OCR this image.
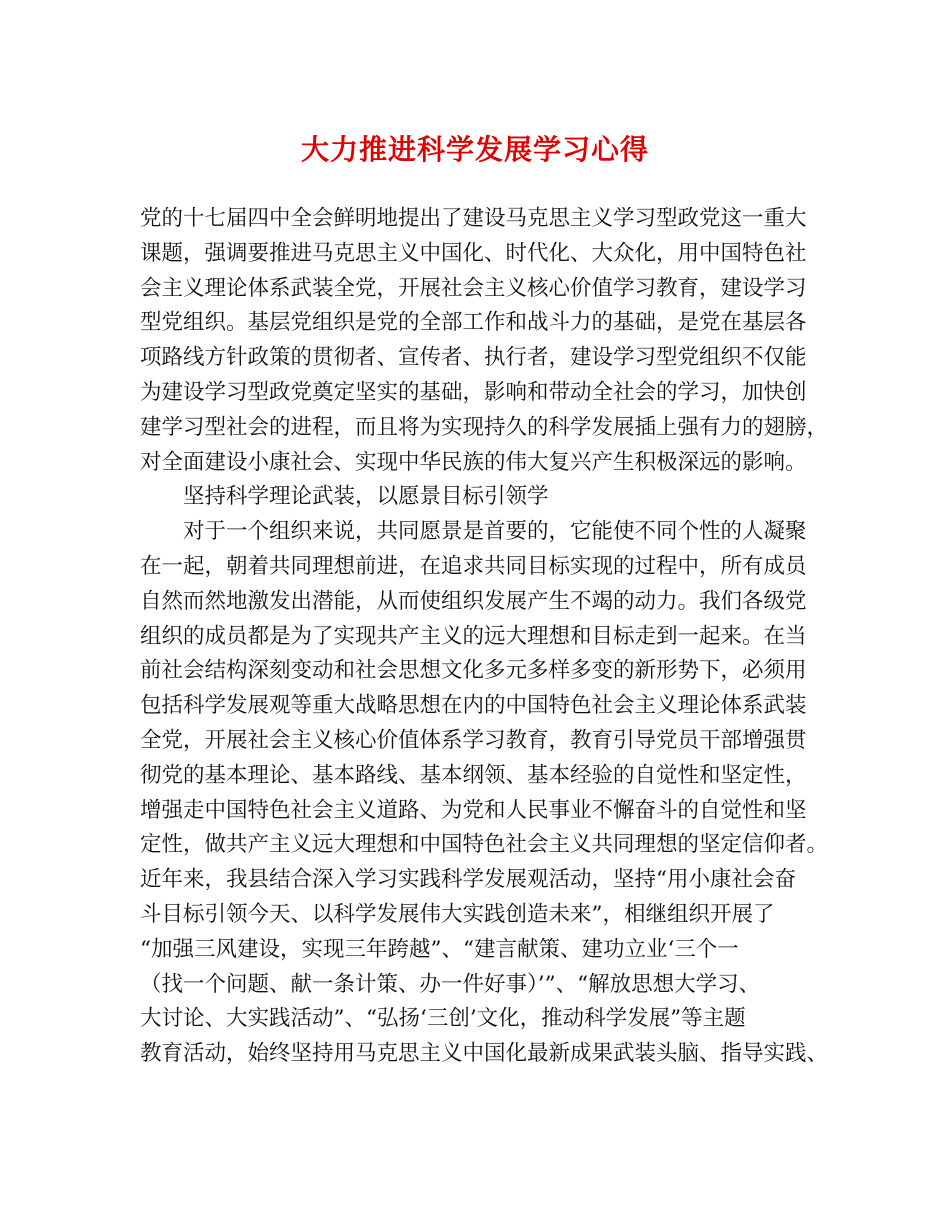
大力推进科学发展学习心得
党的十七届四中全会鲜明地提出了建设马克思主义学习型政党这一重大
课题，强调要推进马克思主义中国化、时代化、大众化，用中国特色社
会主义理论体系武装全党，开展社会主义核心价值学习教育，建设学习
型党组织。基层党组织是党的全部工作和战斗力的基础，是党在基层各
项路线方针政策的贯彻者、宣传者、执行者，建设学习型党组织不仅能
为建设学习型政党奠定坚实的基础，影响和带动全社会的学习，加快创
建学习型社会的进程，而且将为实现持久的科学发展插上强有力的翅膀，
对全面建设小康社会、实现中华民族的伟大复兴产生积极深远的影响。
坚持科学理论武装，以愿景目标引领学
对于一个组织来说，共同愿景是首要的，它能使不同个性的人凝聚
在一起，朝着共同理想前进，在追求共同目标实现的过程中，所有成员
自然而然地激发出潜能，从而使组织发展产生不竭的动力。我们各级党
组织的成员都是为了实现共产主义的远大理想和目标走到一起来。在当
前社会结构深刻变动和社会思想文化多元多样多变的新形势下，必须用
包括科学发展观等重大战略思想在内的中国特色社会主义理论体系武装
全党，开展社会主义核心价值体系学习教育，教育引导党员干部增强贯
彻党的基本理论、基本路线、基本纲领、基本经验的自觉性和坚定性，
增强走中国特色社会主义道路、为党和人民事业不懈奋斗的自觉性和坚
定性，做共产主义远大理想和中国特色社会主义共同理想的坚定信仰者。
近年来，我县结合深入学习实践科学发展观活动，坚持“用小康社会奋
斗目标引领今天、以科学发展伟大实践创造未来”，相继组织开展了
“加强三风建设，实现三年跨越”、“建言献策、建功立业‘三个一
（找一个问题、献一条计策、办一件好事）’”、“解放思想大学习、
大讨论、大实践活动”、“弘扬‘三创’文化，推动科学发展”等主题
教育活动，始终坚持用马克思主义中国化最新成果武装头脑、指导实践、
